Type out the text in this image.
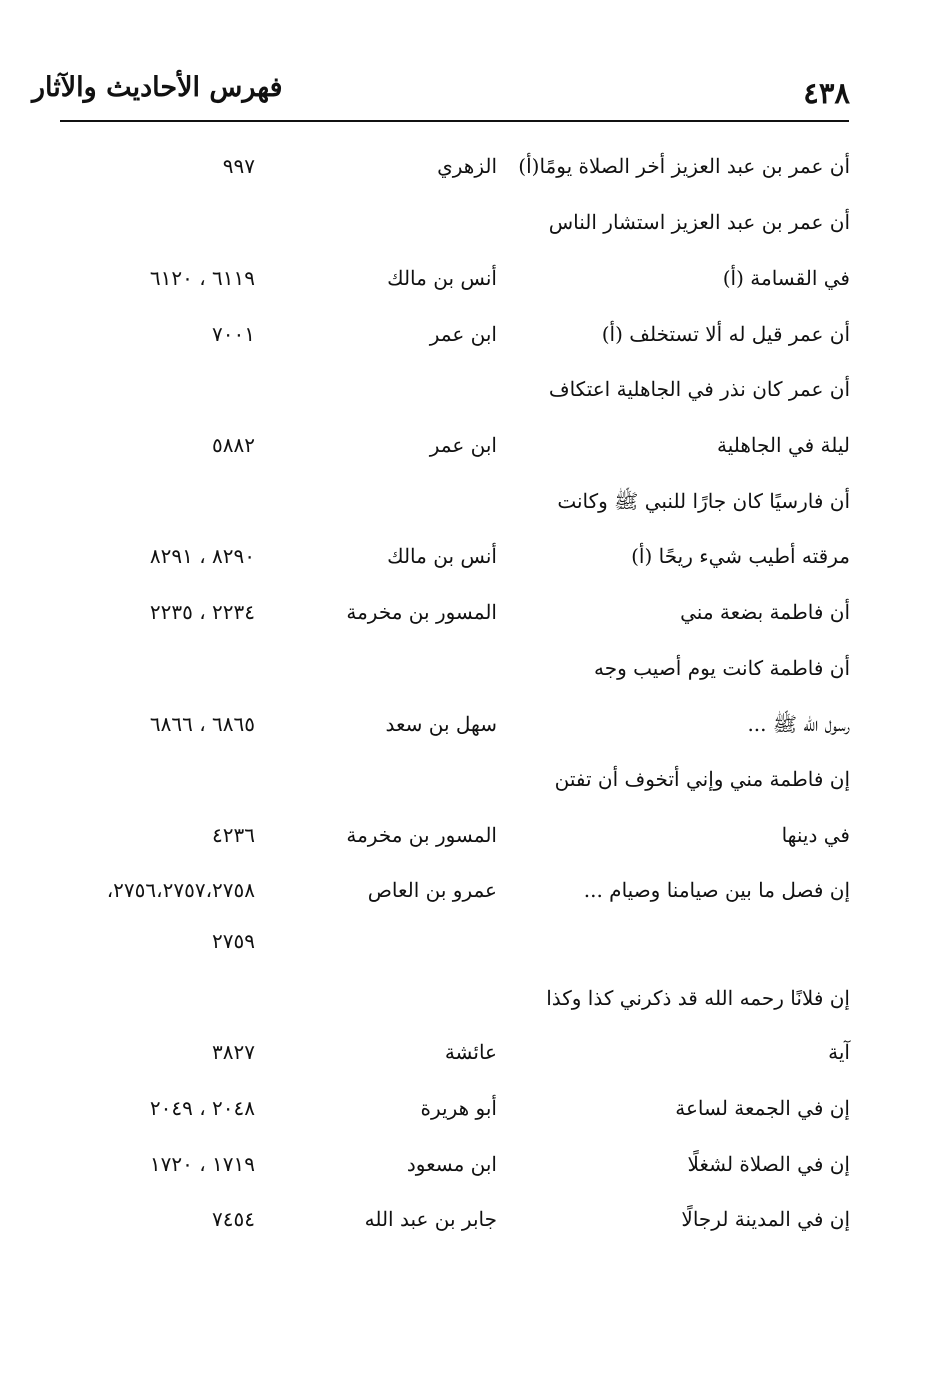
٤٣٨
فهرس الأحاديث والآثار
أن عمر بن عبد العزيز أخر الصلاة يومًا(أ)
الزهري
٩٩٧
أن عمر بن عبد العزيز استشار الناس
في القسامة (أ)
أنس بن مالك
٦١١٩ ، ٦١٢٠
أن عمر قيل له ألا تستخلف (أ)
ابن عمر
٧٠٠١
أن عمر كان نذر في الجاهلية اعتكاف
ليلة في الجاهلية
ابن عمر
٥٨٨٢
أن فارسيًا كان جارًا للنبي ﷺ وكانت
مرقته أطيب شيء ريحًا (أ)
أنس بن مالك
٨٢٩٠ ، ٨٢٩١
أن فاطمة بضعة مني
المسور بن مخرمة
٢٢٣٤ ، ٢٢٣٥
أن فاطمة كانت يوم أصيب وجه
رسول الله ﷺ ...
سهل بن سعد
٦٨٦٥ ، ٦٨٦٦
إن فاطمة مني وإني أتخوف أن تفتن
في دينها
المسور بن مخرمة
٤٢٣٦
إن فصل ما بين صيامنا وصيام ...
عمرو بن العاص
٢٧٥٦،٢٧٥٧،٢٧٥٨،
٢٧٥٩
إن فلانًا رحمه الله قد ذكرني كذا وكذا
آية
عائشة
٣٨٢٧
إن في الجمعة لساعة
أبو هريرة
٢٠٤٨ ، ٢٠٤٩
إن في الصلاة لشغلًا
ابن مسعود
١٧١٩ ، ١٧٢٠
إن في المدينة لرجالًا
جابر بن عبد الله
٧٤٥٤
